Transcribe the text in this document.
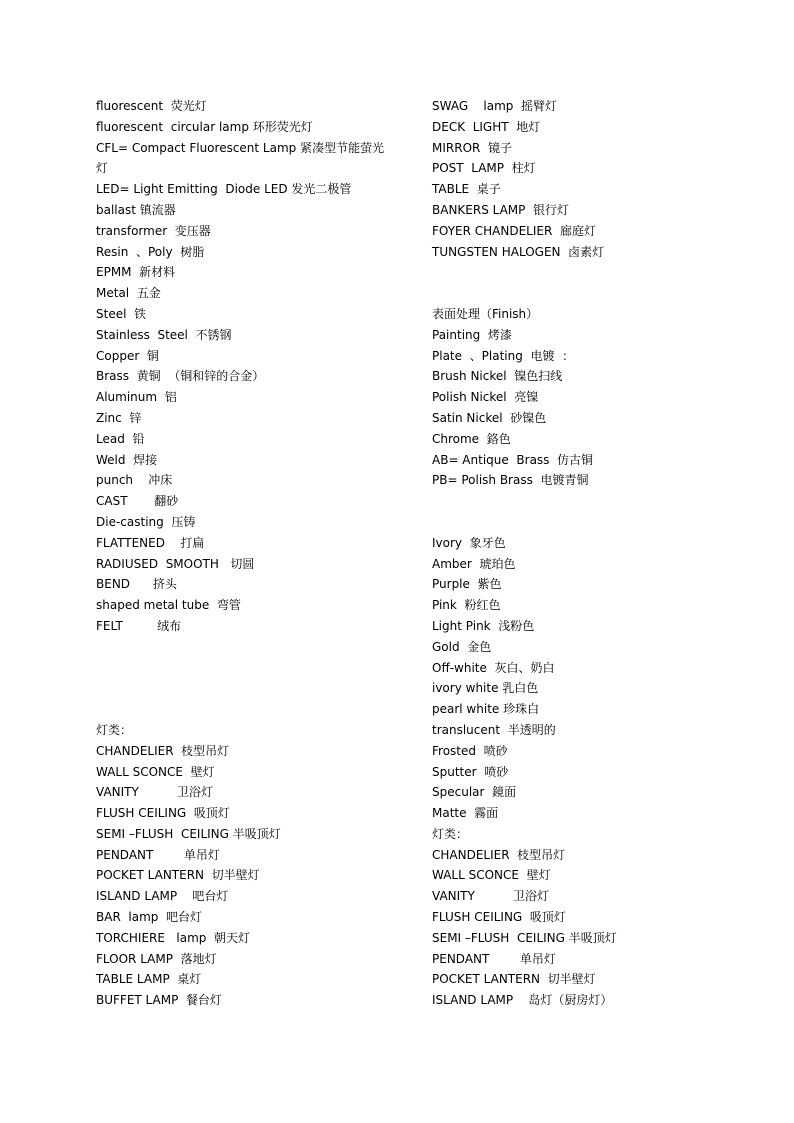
fluorescent  荧光灯
fluorescent  circular lamp 环形荧光灯
CFL= Compact Fluorescent Lamp 紧凑型节能萤光灯
LED= Light Emitting  Diode LED 发光二极管
ballast 镇流器
transformer  变压器
Resin  、Poly  树脂
EPMM  新材料
Metal  五金
Steel  铁
Stainless  Steel  不锈钢
Copper  铜
Brass  黄铜  （铜和锌的合金）
Aluminum  铝
Zinc  锌
Lead  铅
Weld  焊接
punch    冲床
CAST       翻砂
Die-casting  压铸
FLATTENED    打扁
RADIUSED  SMOOTH   切圆
BEND      挤头
shaped metal tube  弯管
FELT         绒布
灯类：
CHANDELIER  枝型吊灯
WALL SCONCE  壁灯
VANITY          卫浴灯
FLUSH CEILING  吸顶灯
SEMI –FLUSH  CEILING 半吸顶灯
PENDANT        单吊灯
POCKET LANTERN  切半壁灯
ISLAND LAMP    吧台灯
BAR  lamp  吧台灯
TORCHIERE   lamp  朝天灯
FLOOR LAMP  落地灯
TABLE LAMP  桌灯
BUFFET LAMP  餐台灯
SWAG    lamp  摇臂灯
DECK  LIGHT  地灯
MIRROR  镜子
POST  LAMP  柱灯
TABLE  桌子
BANKERS LAMP  银行灯
FOYER CHANDELIER  廊庭灯
TUNGSTEN HALOGEN  卤素灯
表面处理（Finish）
Painting  烤漆
Plate  、Plating  电镀  ：
Brush Nickel  镍色扫线
Polish Nickel  亮镍
Satin Nickel  砂镍色
Chrome  鉻色
AB= Antique  Brass  仿古铜
PB= Polish Brass  电镀青铜
Ivory  象牙色
Amber  琥珀色
Purple  紫色
Pink  粉红色
Light Pink  浅粉色
Gold  金色
Off-white  灰白、奶白
ivory white 乳白色
pearl white 珍珠白
translucent  半透明的
Frosted  喷砂
Sputter  喷砂
Specular  鏡面
Matte  霧面
灯类：
CHANDELIER  枝型吊灯
WALL SCONCE  壁灯
VANITY          卫浴灯
FLUSH CEILING  吸顶灯
SEMI –FLUSH  CEILING 半吸顶灯
PENDANT        单吊灯
POCKET LANTERN  切半壁灯
ISLAND LAMP    岛灯（厨房灯）
